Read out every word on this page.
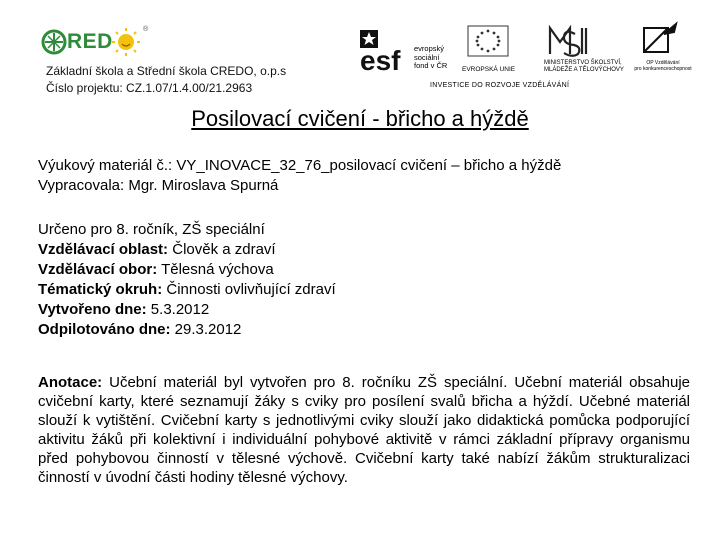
®
RED
Základní škola a Střední škola CREDO, o.p.s
Číslo projektu: CZ.1.07/1.4.00/21.2963
esf evropský
sociální
fond v ČR EVROPSKÁ UNIE
MINISTERSTVO ŠKOLSTVÍ,
MLÁDEŽE A TĚLOVÝCHOVY
OP Vzdělávání
pro konkurenceschopnost
INVESTICE DO ROZVOJE VZDĚLÁVÁNÍ
Posilovací cvičení - břicho a hýždě
Výukový materiál č.: VY_INOVACE_32_76_posilovací cvičení – břicho a hýždě
Vypracovala: Mgr. Miroslava Spurná
Určeno pro 8. ročník, ZŠ speciální
Vzdělávací oblast: Člověk a zdraví
Vzdělávací obor: Tělesná výchova
Tématický okruh: Činnosti ovlivňující zdraví
Vytvořeno dne: 5.3.2012
Odpilotováno dne: 29.3.2012
Anotace: Učební materiál byl vytvořen pro 8. ročníku ZŠ speciální. Učební materiál obsahuje cvičební karty, které seznamují žáky s cviky pro posílení svalů břicha a hýždí. Učebné materiál slouží k vytištění. Cvičební karty s jednotlivými cviky slouží jako didaktická pomůcka podporující aktivitu žáků při kolektivní i individuální pohybové aktivitě v rámci základní přípravy organismu před pohybovou činností v tělesné výchově. Cvičební karty také nabízí žákům strukturalizaci činností v úvodní části hodiny tělesné výchovy.
